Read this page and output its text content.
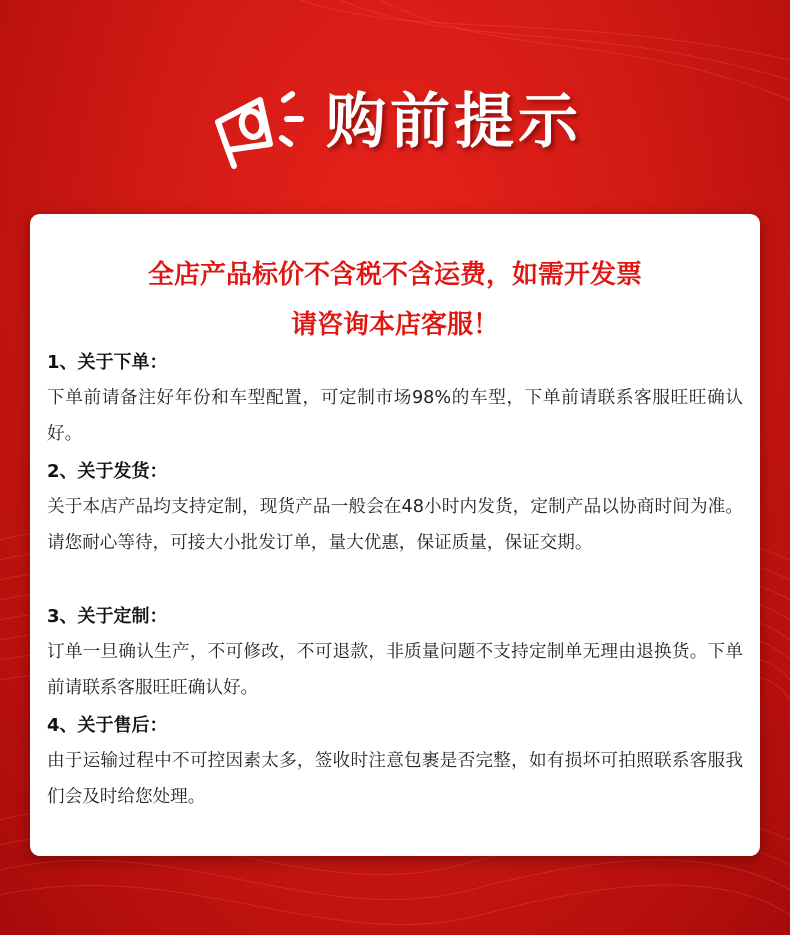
购前提示
全店产品标价不含税不含运费，如需开发票
请咨询本店客服！
1、关于下单：
下单前请备注好年份和车型配置，可定制市场98%的车型，下单前请联系客服旺旺确认好。
2、关于发货：
关于本店产品均支持定制，现货产品一般会在48小时内发货，定制产品以协商时间为准。请您耐心等待，可接大小批发订单，量大优惠，保证质量，保证交期。
3、关于定制：
订单一旦确认生产，不可修改，不可退款，非质量问题不支持定制单无理由退换货。下单前请联系客服旺旺确认好。
4、关于售后：
由于运输过程中不可控因素太多，签收时注意包裹是否完整，如有损坏可拍照联系客服我们会及时给您处理。
